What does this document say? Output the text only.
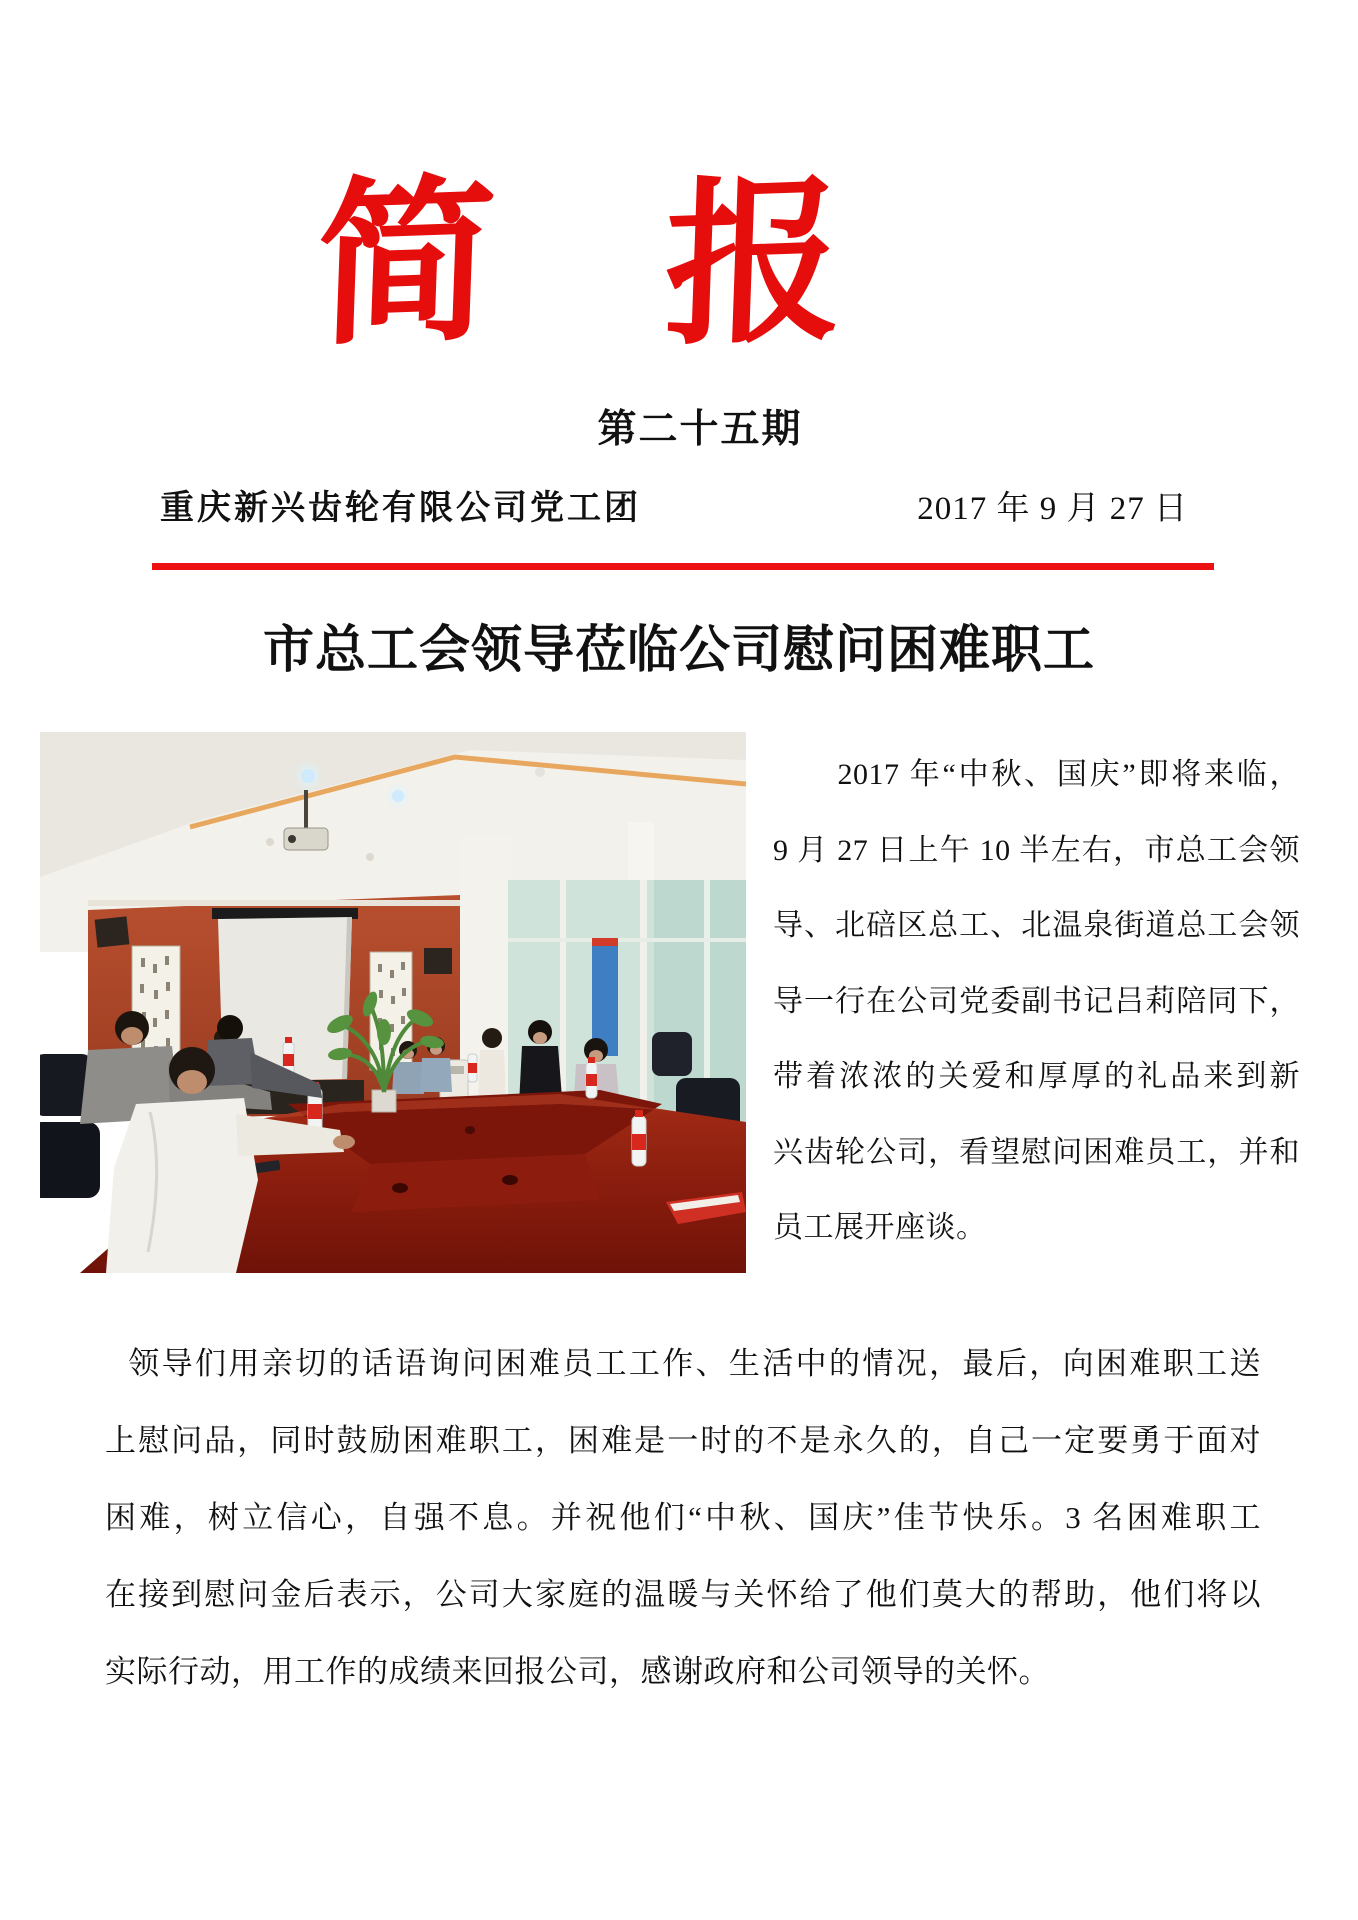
简 报
第二十五期
重庆新兴齿轮有限公司党工团	2017 年 9 月 27 日
市总工会领导莅临公司慰问困难职工
2017 年“中秋、国庆”即将来临，
9 月 27 日上午 10 半左右，市总工会领
导、北碚区总工、北温泉街道总工会领
导一行在公司党委副书记吕莉陪同下，
带着浓浓的关爱和厚厚的礼品来到新
兴齿轮公司，看望慰问困难员工，并和
员工展开座谈。
领导们用亲切的话语询问困难员工工作、生活中的情况，最后，向困难职工送
上慰问品，同时鼓励困难职工，困难是一时的不是永久的，自己一定要勇于面对
困难，树立信心，自强不息。并祝他们“中秋、国庆”佳节快乐。3 名困难职工
在接到慰问金后表示，公司大家庭的温暖与关怀给了他们莫大的帮助，他们将以
实际行动，用工作的成绩来回报公司，感谢政府和公司领导的关怀。
